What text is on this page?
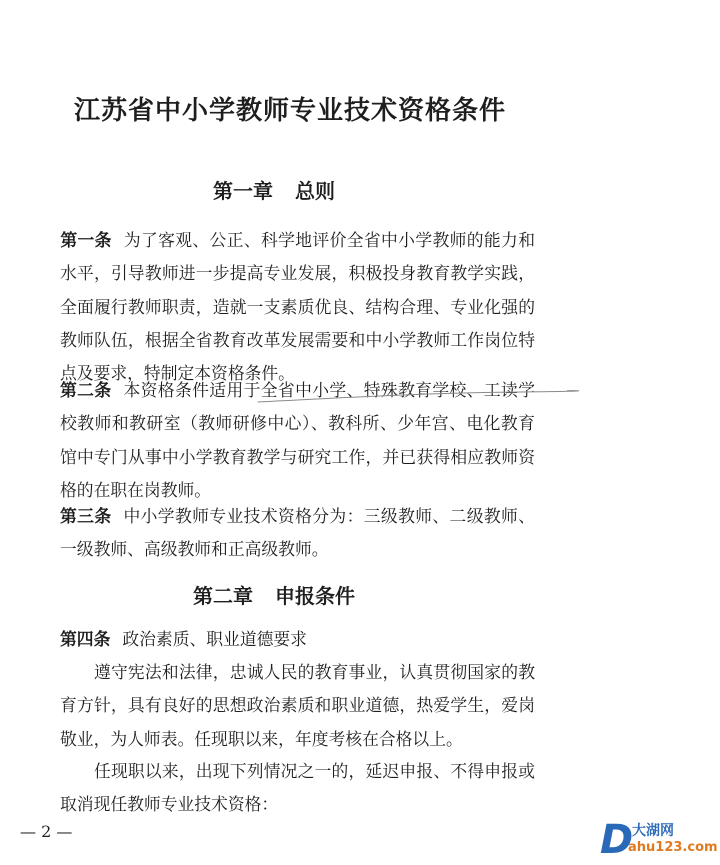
江苏省中小学教师专业技术资格条件
第一章 总则

第一条 为了客观、公正、科学地评价全省中小学教师的能力和水平，引导教师进一步提高专业发展，积极投身教育教学实践，全面履行教师职责，造就一支素质优良、结构合理、专业化强的教师队伍，根据全省教育改革发展需要和中小学教师工作岗位特点及要求，特制定本资格条件。

第二条 本资格条件适用于全省中小学、特殊教育学校、工读学校教师和教研室（教师研修中心）、教科所、少年宫、电化教育馆中专门从事中小学教育教学与研究工作，并已获得相应教师资格的在职在岗教师。

第三条 中小学教师专业技术资格分为：三级教师、二级教师、一级教师、高级教师和正高级教师。

第二章 申报条件

第四条 政治素质、职业道德要求

遵守宪法和法律，忠诚人民的教育事业，认真贯彻国家的教育方针，具有良好的思想政治素质和职业道德，热爱学生，爱岗敬业，为人师表。任现职以来，年度考核在合格以上。

任现职以来，出现下列情况之一的，延迟申报、不得申报或取消现任教师专业技术资格：

— 2 —	D
大湖网
ahu123.com
